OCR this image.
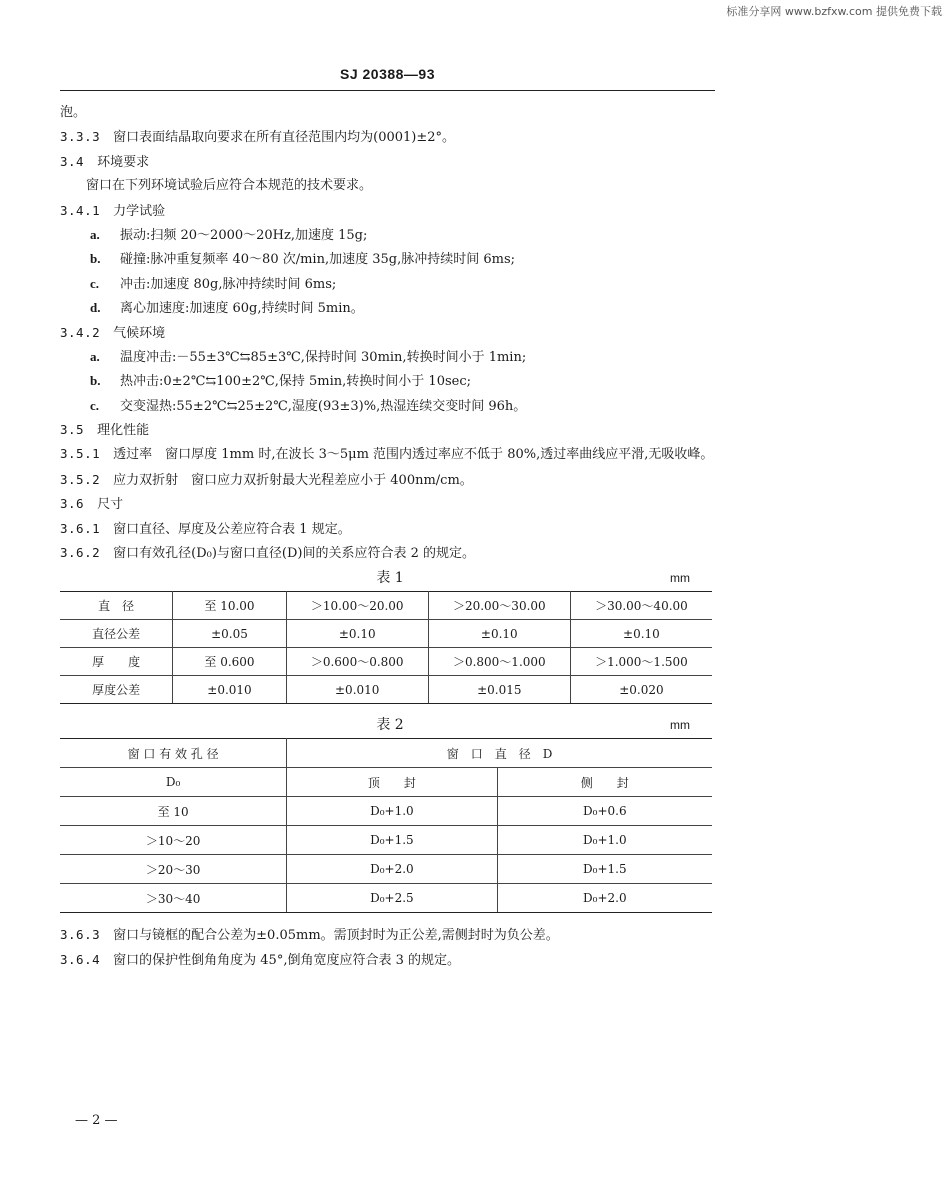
标准分享网 www.bzfxw.com 提供免费下载
SJ 20388—93
泡。
3.3.3　 窗口表面结晶取向要求在所有直径范围内均为(0001)±2°。
3.4　 环境要求
窗口在下列环境试验后应符合本规范的技术要求。
3.4.1　 力学试验
a. 振动:扫频 20～2000～20Hz,加速度 15g;
b. 碰撞:脉冲重复频率 40～80 次/min,加速度 35g,脉冲持续时间 6ms;
c. 冲击:加速度 80g,脉冲持续时间 6ms;
d. 离心加速度:加速度 60g,持续时间 5min。
3.4.2　 气候环境
a. 温度冲击:－55±3℃⇆85±3℃,保持时间 30min,转换时间小于 1min;
b. 热冲击:0±2℃⇆100±2℃,保持 5min,转换时间小于 10sec;
c. 交变湿热:55±2℃⇆25±2℃,湿度(93±3)%,热湿连续交变时间 96h。
3.5　 理化性能
3.5.1　 透过率　窗口厚度 1mm 时,在波长 3～5μm 范围内透过率应不低于 80%,透过率曲线应平滑,无吸收峰。
3.5.2　 应力双折射　窗口应力双折射最大光程差应小于 400nm/cm。
3.6　 尺寸
3.6.1　 窗口直径、厚度及公差应符合表 1 规定。
3.6.2　 窗口有效孔径(D₀)与窗口直径(D)间的关系应符合表 2 的规定。
表 1	mm
直　径	至 10.00	＞10.00～20.00	＞20.00～30.00	＞30.00～40.00
直径公差	±0.05	±0.10	±0.10	±0.10
厚　　度	至 0.600	＞0.600～0.800	＞0.800～1.000	＞1.000～1.500
厚度公差	±0.010	±0.010	±0.015	±0.020
表 2	mm
窗 口 有 效 孔 径	窗　口　直　径　D	
D₀	顶　　封	侧　　封
至 10	D₀+1.0	D₀+0.6
＞10～20	D₀+1.5	D₀+1.0
＞20～30	D₀+2.0	D₀+1.5
＞30～40	D₀+2.5	D₀+2.0
3.6.3　 窗口与镜框的配合公差为±0.05mm。需顶封时为正公差,需侧封时为负公差。
3.6.4　 窗口的保护性倒角角度为 45°,倒角宽度应符合表 3 的规定。
— 2 —
